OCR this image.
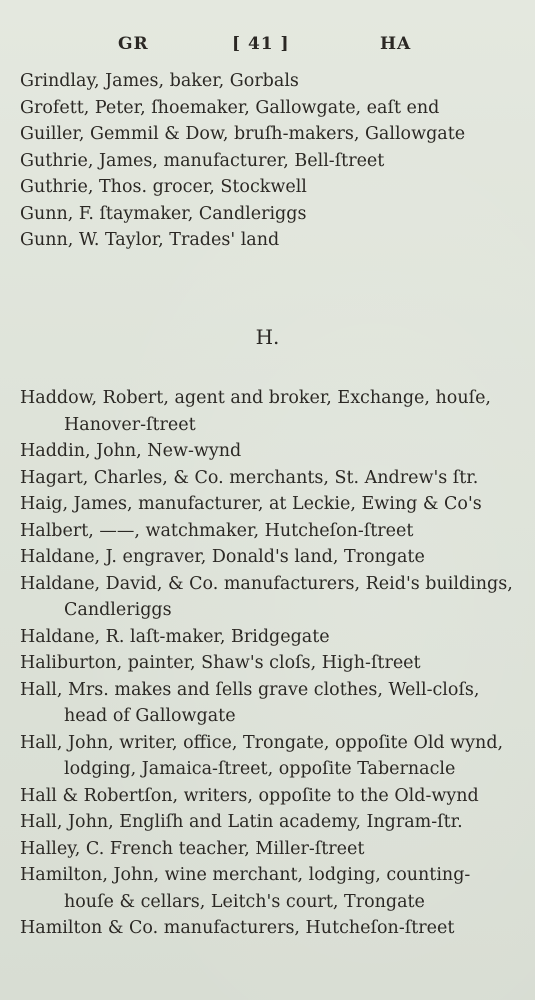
GR	[ 41 ]	HA
Grindlay, James, baker, Gorbals
Grofett, Peter, ſhoemaker, Gallowgate, eaſt end
Guiller, Gemmil & Dow, bruſh-makers, Gallowgate
Guthrie, James, manufacturer, Bell-ſtreet
Guthrie, Thos. grocer, Stockwell
Gunn, F. ſtaymaker, Candleriggs
Gunn, W. Taylor, Trades' land
H.
Haddow, Robert, agent and broker, Exchange, houſe, Hanover-ſtreet
Haddin, John, New-wynd
Hagart, Charles, & Co. merchants, St. Andrew's ſtr.
Haig, James, manufacturer, at Leckie, Ewing & Co's
Halbert, ——, watchmaker, Hutcheſon-ſtreet
Haldane, J. engraver, Donald's land, Trongate
Haldane, David, & Co. manufacturers, Reid's buildings, Candleriggs
Haldane, R. laſt-maker, Bridgegate
Haliburton, painter, Shaw's cloſs, High-ſtreet
Hall, Mrs. makes and ſells grave clothes, Well-cloſs, head of Gallowgate
Hall, John, writer, office, Trongate, oppoſite Old wynd, lodging, Jamaica-ſtreet, oppoſite Tabernacle
Hall & Robertſon, writers, oppoſite to the Old-wynd
Hall, John, Engliſh and Latin academy, Ingram-ſtr.
Halley, C. French teacher, Miller-ſtreet
Hamilton, John, wine merchant, lodging, counting-houſe & cellars, Leitch's court, Trongate
Hamilton & Co. manufacturers, Hutcheſon-ſtreet
